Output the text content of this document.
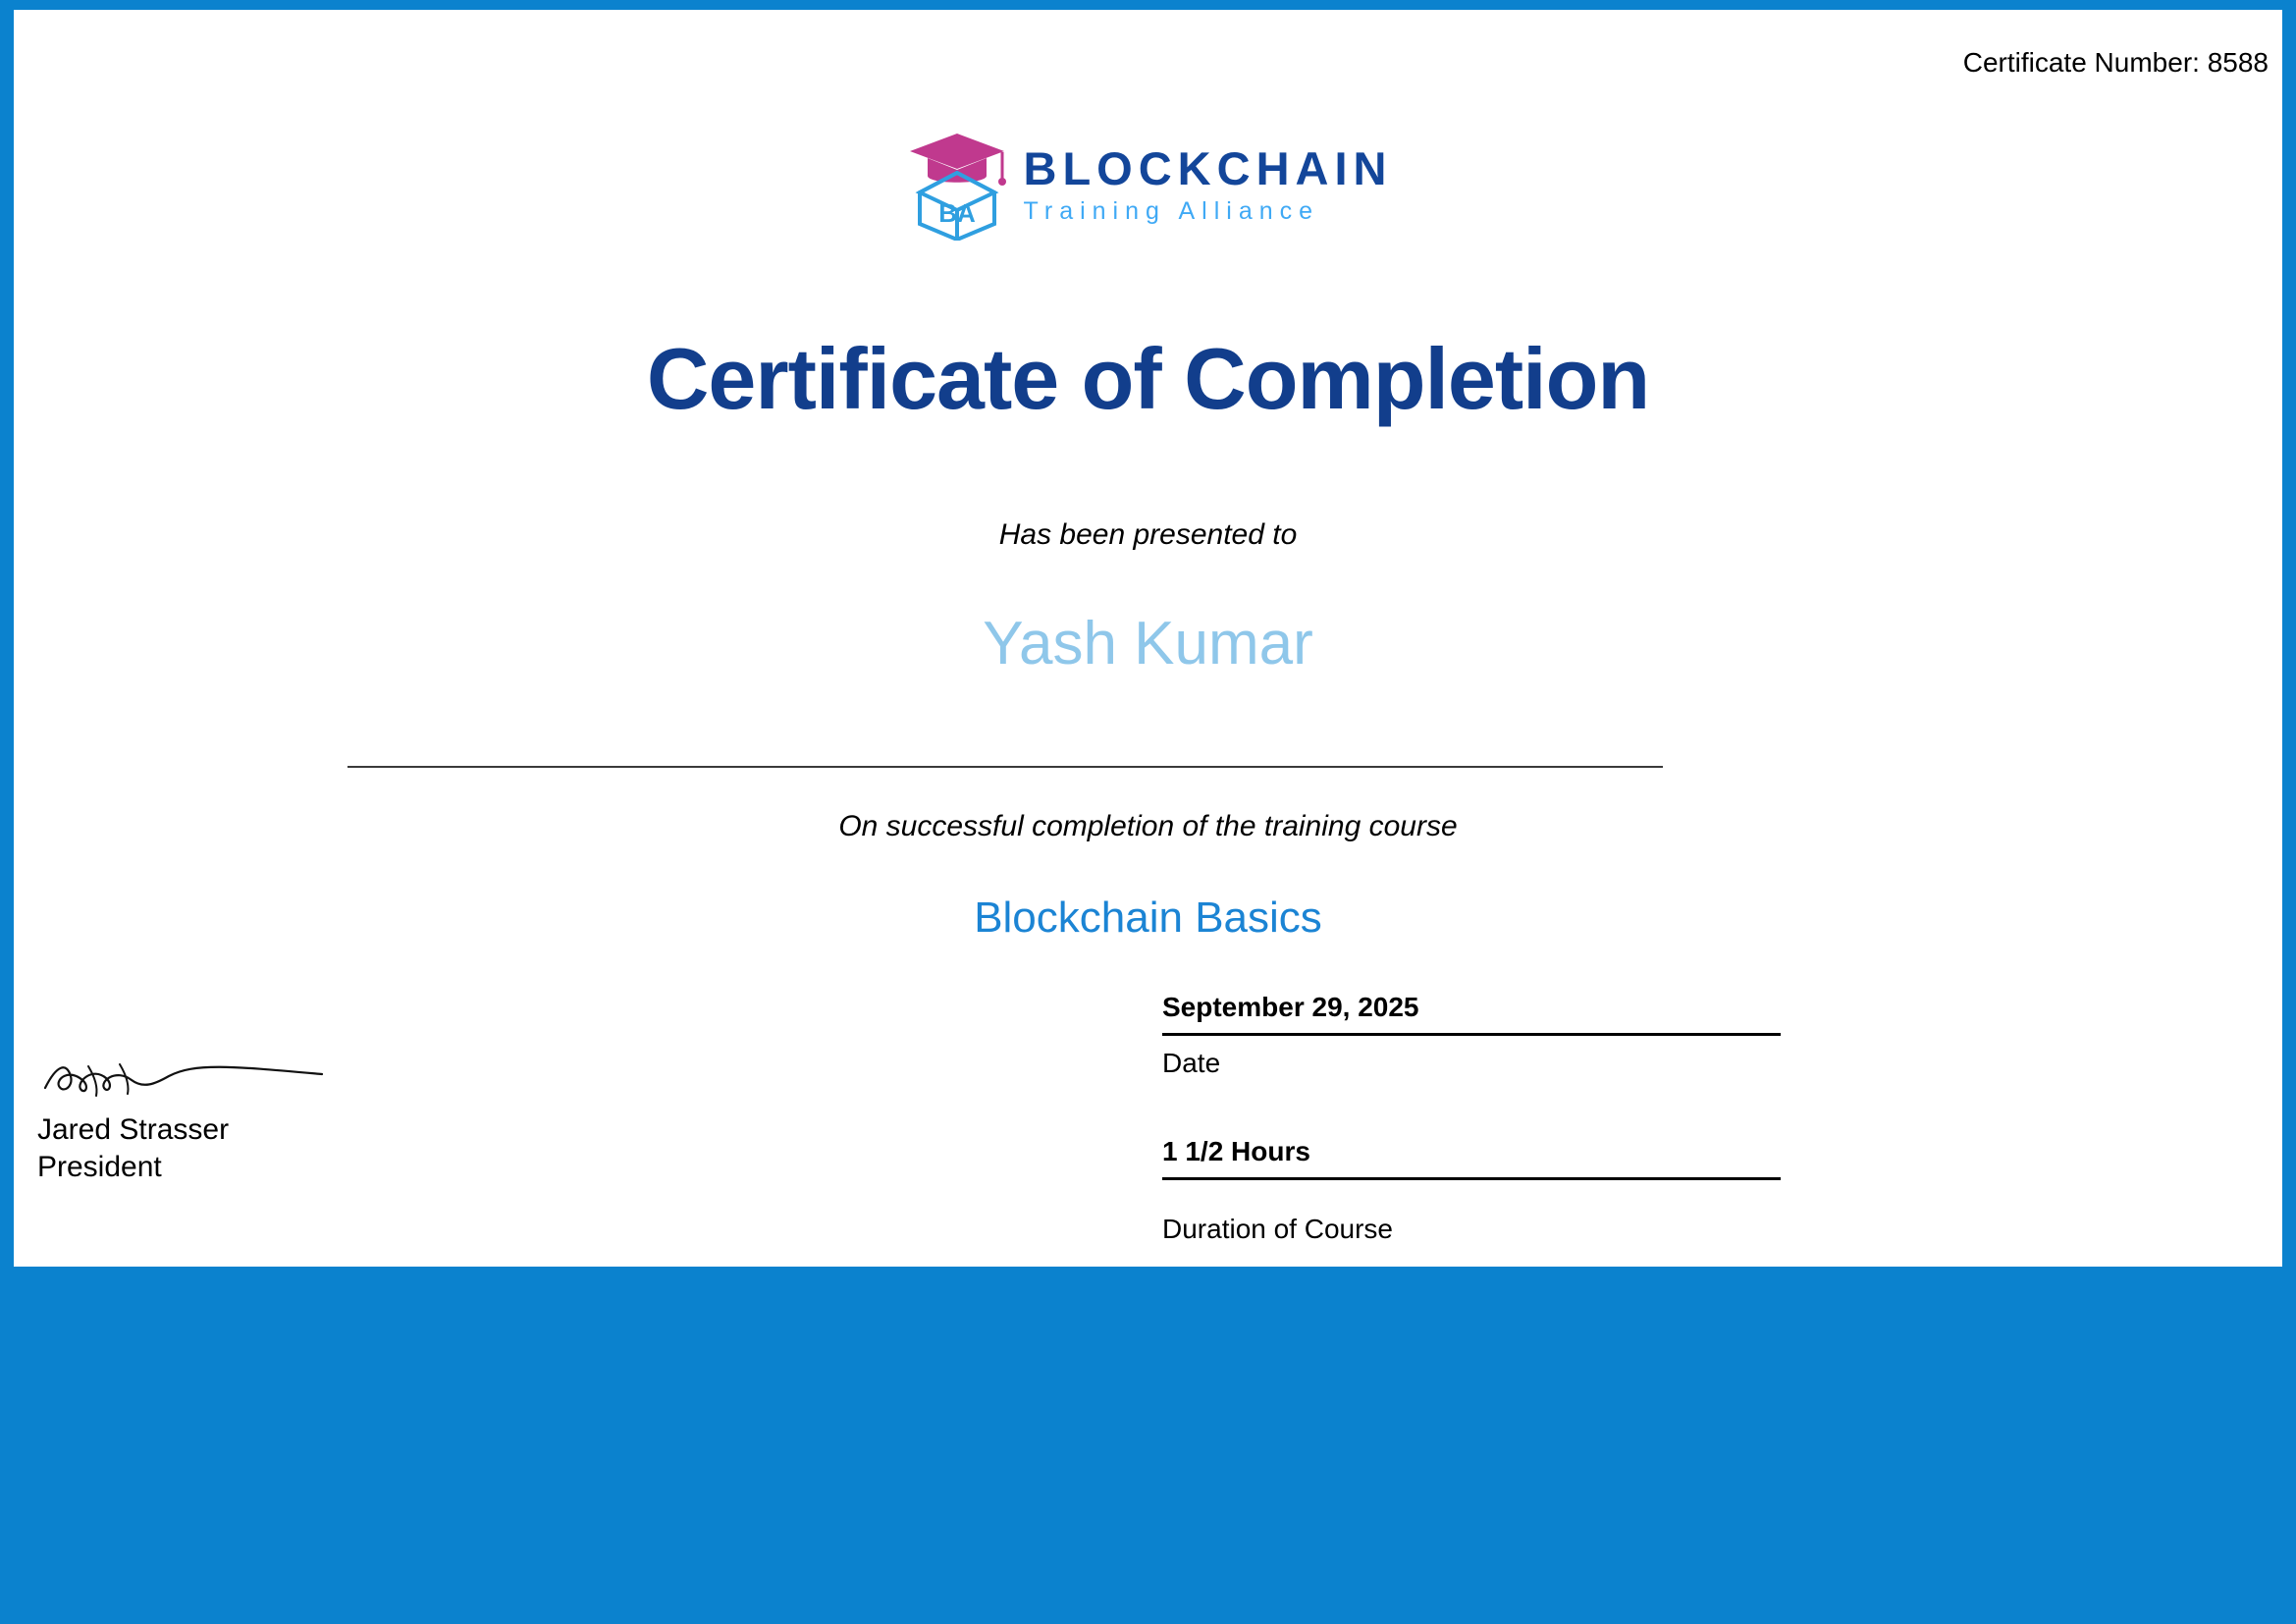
Certificate Number: 8588
BA
BLOCKCHAIN
Training Alliance
Certificate of Completion
Has been presented to
Yash Kumar
On successful completion of the training course
Blockchain Basics
September 29, 2025
Date
1 1/2 Hours
Duration of Course
Jared Strasser
President
